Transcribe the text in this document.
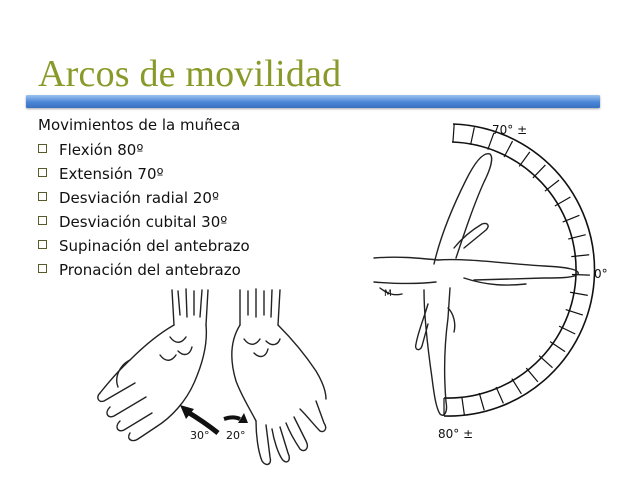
Arcos de movilidad
Movimientos de la muñeca
Flexión 80º
Extensión 70º
Desviación radial 20º
Desviación cubital 30º
Supinación del antebrazo
Pronación del antebrazo
30° 20°
70° ±
0°
80° ±
M
